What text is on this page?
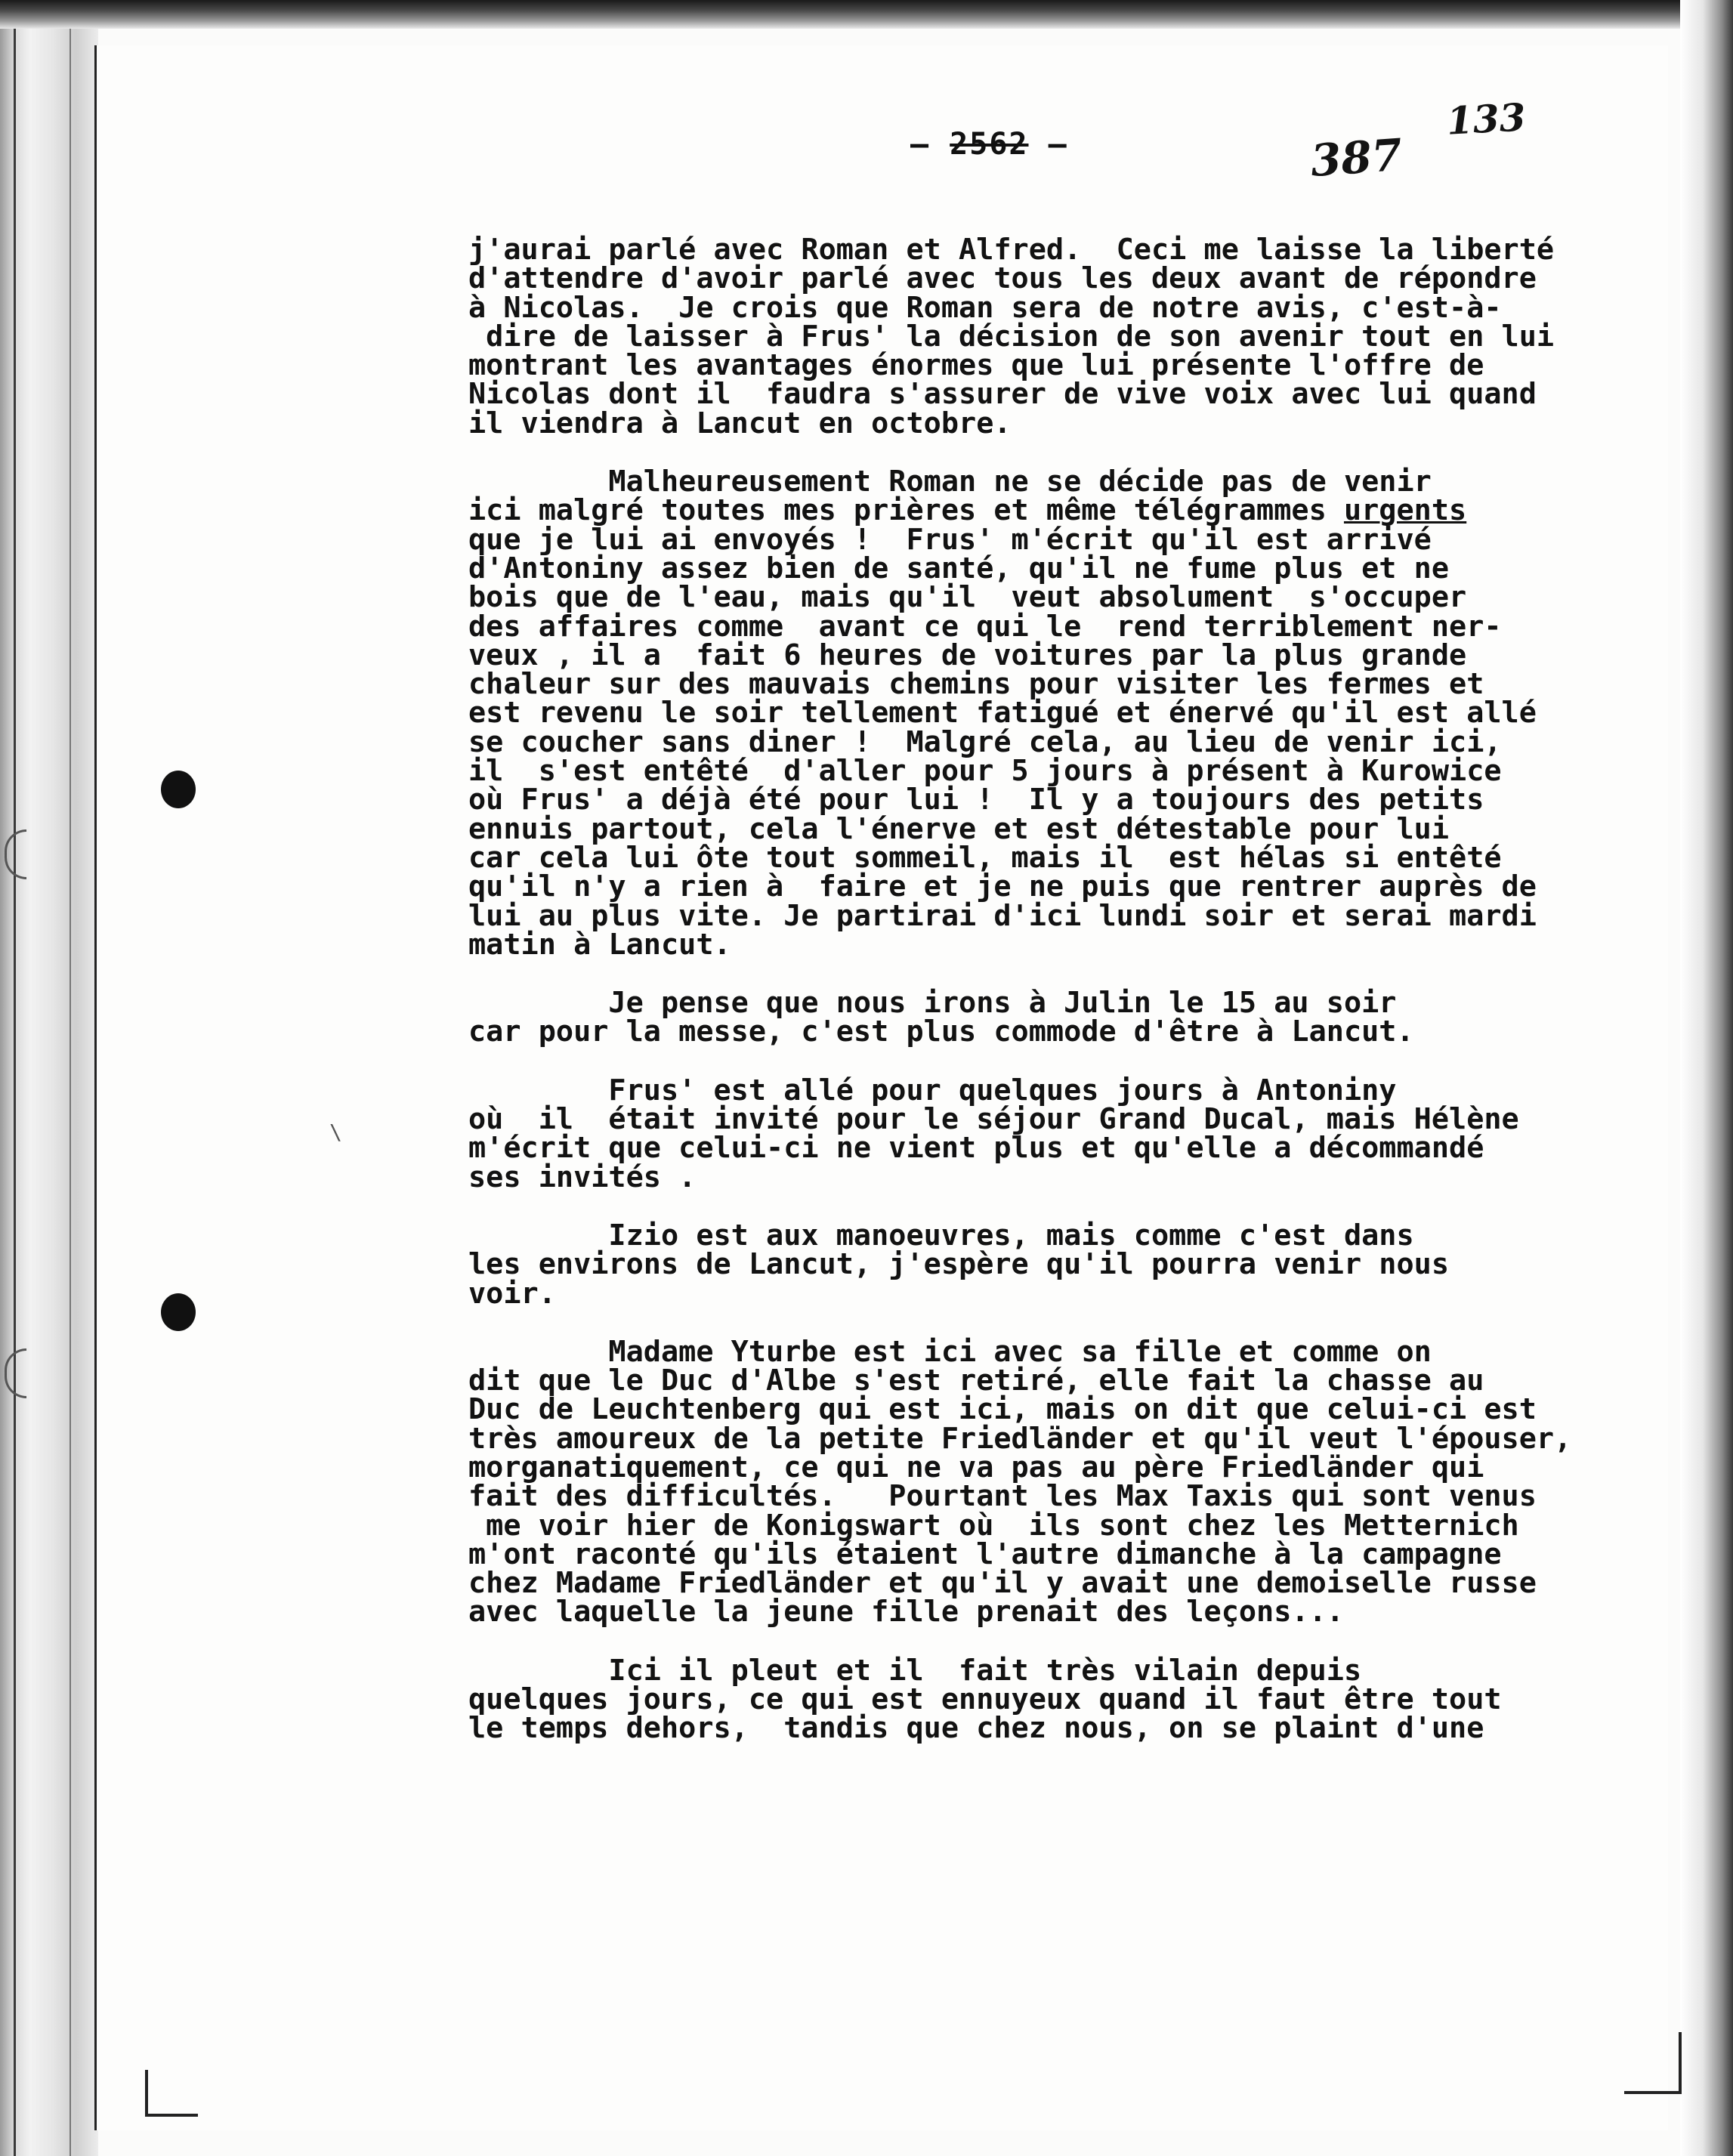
– 2562 –	387
133
\

j'aurai parlé avec Roman et Alfred.  Ceci me laisse la liberté

d'attendre d'avoir parlé avec tous les deux avant de répondre

à Nicolas.  Je crois que Roman sera de notre avis, c'est-à-

dire de laisser à Frus' la décision de son avenir tout en lui

montrant les avantages énormes que lui présente l'offre de

Nicolas dont il  faudra s'assurer de vive voix avec lui quand

il viendra à Lancut en octobre.

Malheureusement Roman ne se décide pas de venir

ici malgré toutes mes prières et même télégrammes urgents

que je lui ai envoyés !  Frus' m'écrit qu'il est arrivé

d'Antoniny assez bien de santé, qu'il ne fume plus et ne

bois que de l'eau, mais qu'il  veut absolument  s'occuper

des affaires comme  avant ce qui le  rend terriblement ner-

veux , il a  fait 6 heures de voitures par la plus grande

chaleur sur des mauvais chemins pour visiter les fermes et

est revenu le soir tellement fatigué et énervé qu'il est allé

se coucher sans diner !  Malgré cela, au lieu de venir ici,

il  s'est entêté  d'aller pour 5 jours à présent à Kurowice

où Frus' a déjà été pour lui !  Il y a toujours des petits

ennuis partout, cela l'énerve et est détestable pour lui

car cela lui ôte tout sommeil, mais il  est hélas si entêté

qu'il n'y a rien à  faire et je ne puis que rentrer auprès de

lui au plus vite. Je partirai d'ici lundi soir et serai mardi

matin à Lancut.

Je pense que nous irons à Julin le 15 au soir

car pour la messe, c'est plus commode d'être à Lancut.

Frus' est allé pour quelques jours à Antoniny

où  il  était invité pour le séjour Grand Ducal, mais Hélène

m'écrit que celui-ci ne vient plus et qu'elle a décommandé

ses invités .

Izio est aux manoeuvres, mais comme c'est dans

les environs de Lancut, j'espère qu'il pourra venir nous

voir.

Madame Yturbe est ici avec sa fille et comme on

dit que le Duc d'Albe s'est retiré, elle fait la chasse au

Duc de Leuchtenberg qui est ici, mais on dit que celui-ci est

très amoureux de la petite Friedländer et qu'il veut l'épouser,

morganatiquement, ce qui ne va pas au père Friedländer qui

fait des difficultés.   Pourtant les Max Taxis qui sont venus

me voir hier de Konigswart où  ils sont chez les Metternich

m'ont raconté qu'ils étaient l'autre dimanche à la campagne

chez Madame Friedländer et qu'il y avait une demoiselle russe

avec laquelle la jeune fille prenait des leçons...

Ici il pleut et il  fait très vilain depuis

quelques jours, ce qui est ennuyeux quand il faut être tout

le temps dehors,  tandis que chez nous, on se plaint d'une
